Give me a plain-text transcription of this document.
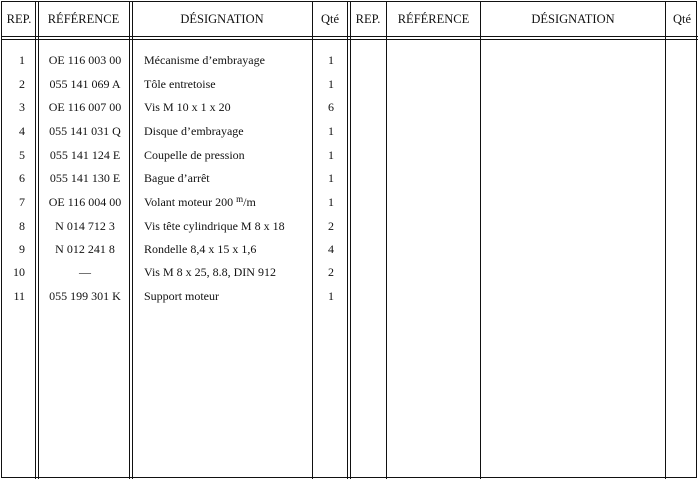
REP.	RÉFÉRENCE	DÉSIGNATION	Qté	REP.	RÉFÉRENCE	DÉSIGNATION	Qté
1	OE 116 003 00	Mécanisme d’embrayage	1
2	055 141 069 A	Tôle entretoise	1
3	OE 116 007 00	Vis M 10 x 1 x 20	6
4	055 141 031 Q	Disque d’embrayage	1
5	055 141 124 E	Coupelle de pression	1
6	055 141 130 E	Bague d’arrêt	1
7	OE 116 004 00	Volant moteur 200 $^m$/m	1
8	N 014 712 3	Vis tête cylindrique M 8 x 18	2
9	N 012 241 8	Rondelle 8,4 x 15 x 1,6	4
10	—	Vis M 8 x 25, 8.8, DIN 912	2
11	055 199 301 K	Support moteur	1
